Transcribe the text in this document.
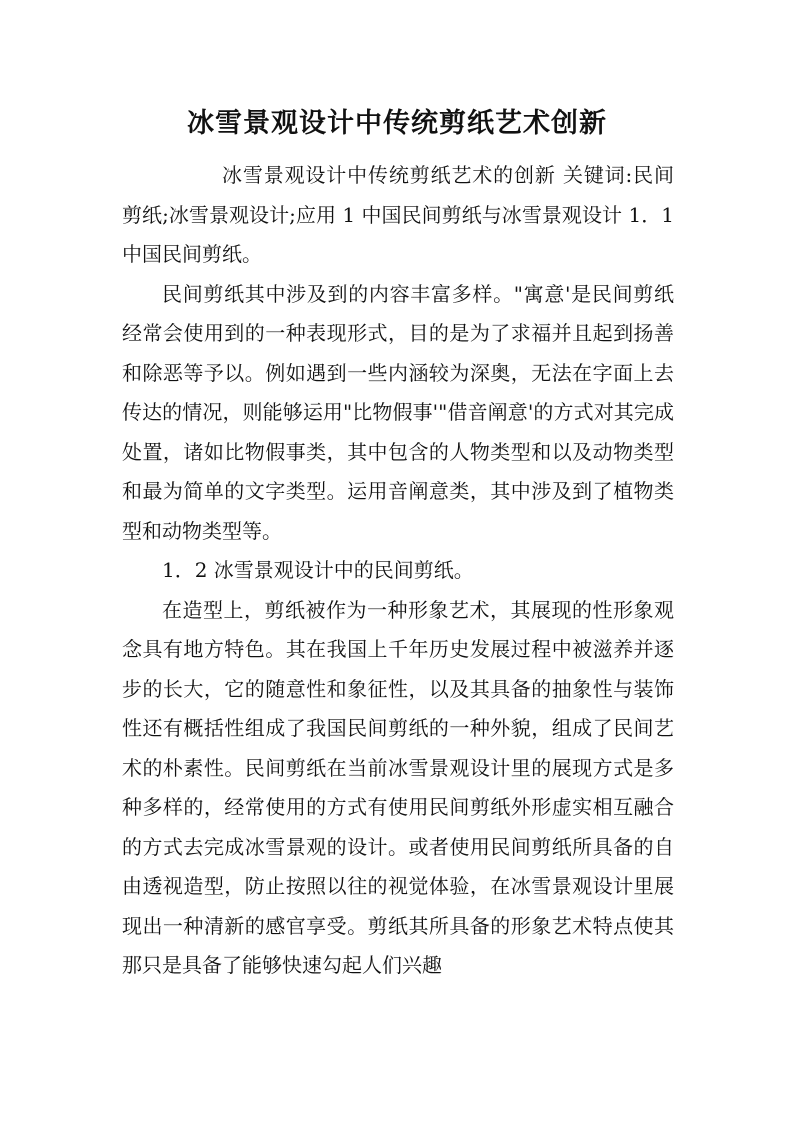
冰雪景观设计中传统剪纸艺术创新

冰雪景观设计中传统剪纸艺术的创新 关键词:民间剪纸;冰雪景观设计;应用 1 中国民间剪纸与冰雪景观设计 1．1 中国民间剪纸。

民间剪纸其中涉及到的内容丰富多样。"寓意'是民间剪纸经常会使用到的一种表现形式，目的是为了求福并且起到扬善和除恶等予以。例如遇到一些内涵较为深奥，无法在字面上去传达的情况，则能够运用"比物假事'"借音阐意'的方式对其完成处置，诸如比物假事类，其中包含的人物类型和以及动物类型和最为简单的文字类型。运用音阐意类，其中涉及到了植物类型和动物类型等。

1．2 冰雪景观设计中的民间剪纸。

在造型上，剪纸被作为一种形象艺术，其展现的性形象观念具有地方特色。其在我国上千年历史发展过程中被滋养并逐步的长大，它的随意性和象征性，以及其具备的抽象性与装饰性还有概括性组成了我国民间剪纸的一种外貌，组成了民间艺术的朴素性。民间剪纸在当前冰雪景观设计里的展现方式是多种多样的，经常使用的方式有使用民间剪纸外形虚实相互融合的方式去完成冰雪景观的设计。或者使用民间剪纸所具备的自由透视造型，防止按照以往的视觉体验，在冰雪景观设计里展现出一种清新的感官享受。剪纸其所具备的形象艺术特点使其那只是具备了能够快速勾起人们兴趣
